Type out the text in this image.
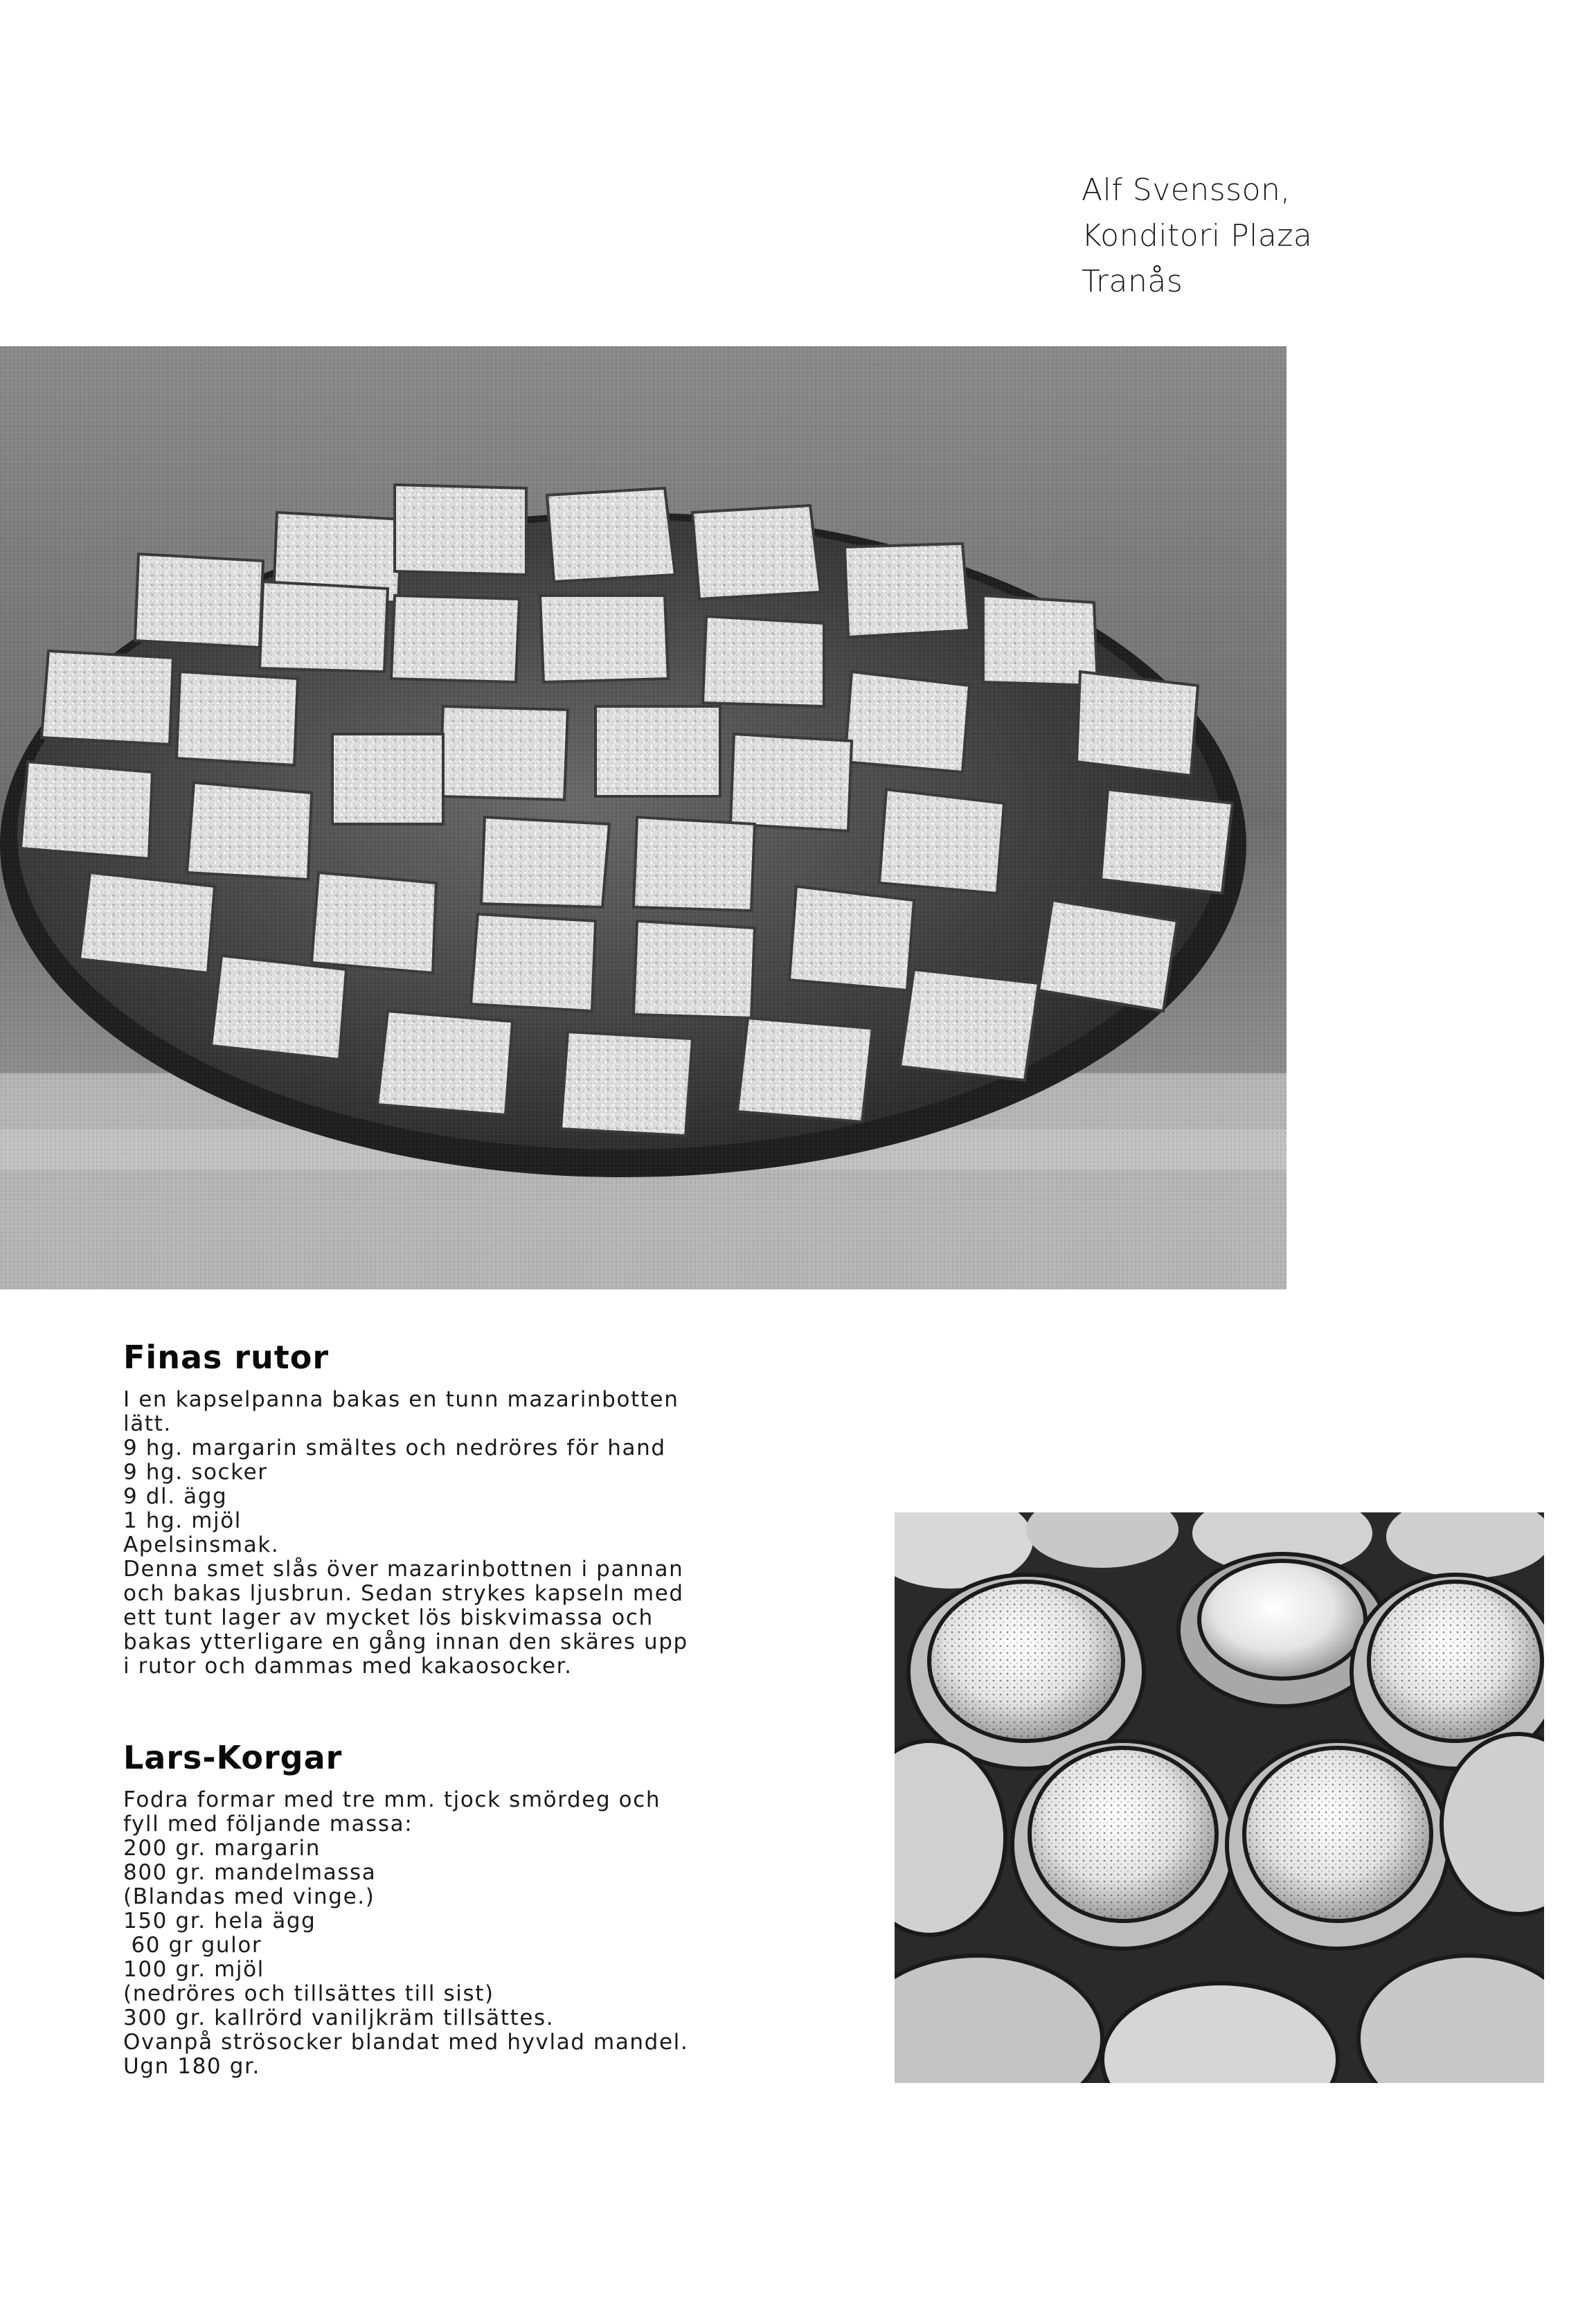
Alf Svensson,
Konditori Plaza
Tranås
Finas rutor
I en kapselpanna bakas en tunn mazarinbotten
lätt.
9 hg. margarin smältes och nedröres för hand
9 hg. socker
9 dl. ägg
1 hg. mjöl
Apelsinsmak.
Denna smet slås över mazarinbottnen i pannan
och bakas ljusbrun. Sedan strykes kapseln med
ett tunt lager av mycket lös biskvimassa och
bakas ytterligare en gång innan den skäres upp
i rutor och dammas med kakaosocker.
Lars-Korgar
Fodra formar med tre mm. tjock smördeg och
fyll med följande massa:
200 gr. margarin
800 gr. mandelmassa
(Blandas med vinge.)
150 gr. hela ägg
60 gr gulor
100 gr. mjöl
(nedröres och tillsättes till sist)
300 gr. kallrörd vaniljkräm tillsättes.
Ovanpå strösocker blandat med hyvlad mandel.
Ugn 180 gr.
